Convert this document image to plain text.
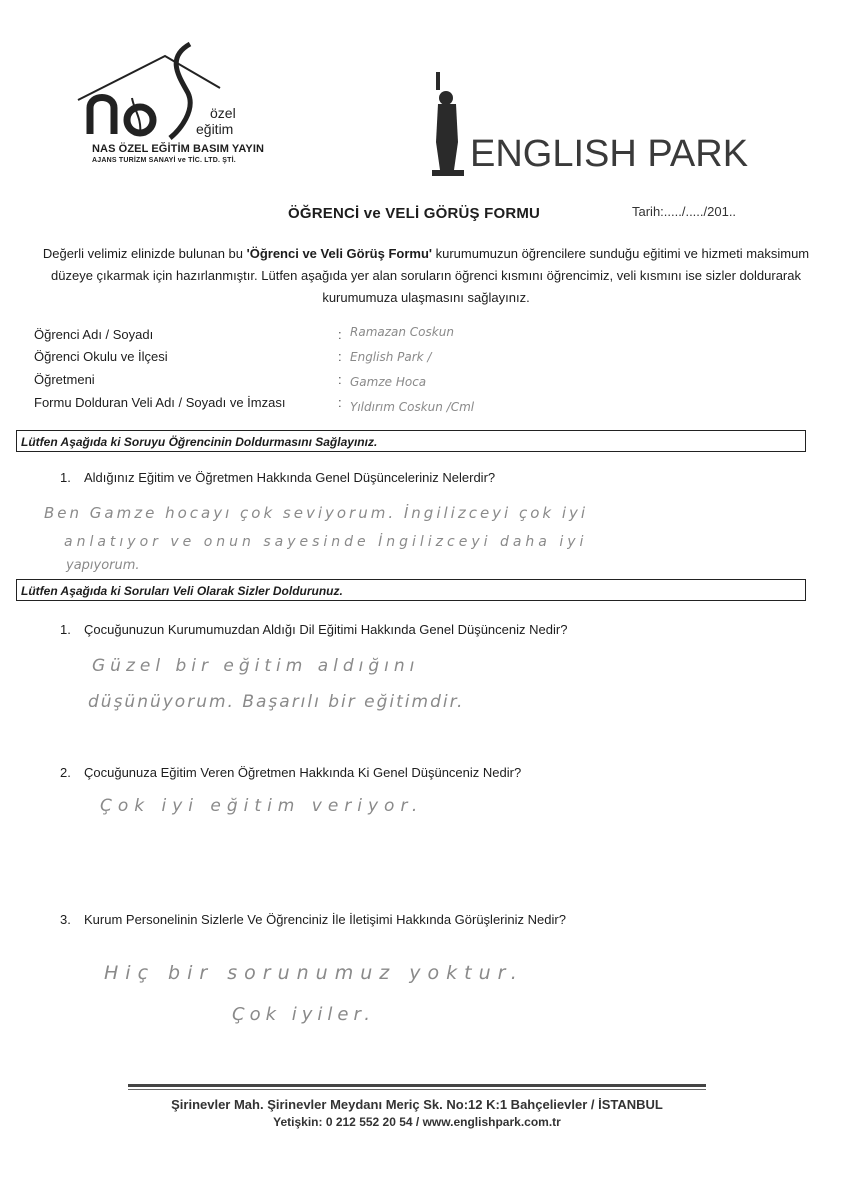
özel
eğitim
NAS ÖZEL EĞİTİM BASIM YAYIN
AJANS TURİZM SANAYİ ve TİC. LTD. ŞTİ.	ENGLISH PARK
ÖĞRENCİ ve VELİ GÖRÜŞ FORMU	Tarih:...../...../201..
Değerli velimiz elinizde bulunan bu 'Öğrenci ve Veli Görüş Formu' kurumumuzun öğrencilere sunduğu eğitimi ve hizmeti maksimum düzeye çıkarmak için hazırlanmıştır. Lütfen aşağıda yer alan soruların öğrenci kısmını öğrencimiz, veli kısmını ise sizler doldurarak kurumumuza ulaşmasını sağlayınız.
Öğrenci Adı / Soyadı	: Ramazan Coskun
Öğrenci Okulu ve İlçesi	: English Park /
Öğretmeni	: Gamze Hoca
Formu Dolduran Veli Adı / Soyadı ve İmzası	: Yıldırım Coskun /Cml
Lütfen Aşağıda ki Soruyu Öğrencinin Doldurmasını Sağlayınız.
1. Aldığınız Eğitim ve Öğretmen Hakkında Genel Düşünceleriniz Nelerdir?
Ben Gamze hocayı çok seviyorum. İngilizceyi çok iyi
anlatıyor ve onun sayesinde İngilizceyi daha iyi
yapıyorum.
Lütfen Aşağıda ki Soruları Veli Olarak Sizler Doldurunuz.
1. Çocuğunuzun Kurumumuzdan Aldığı Dil Eğitimi Hakkında Genel Düşünceniz Nedir?
Güzel bir eğitim aldığını
düşünüyorum. Başarılı bir eğitimdir.
2. Çocuğunuza Eğitim Veren Öğretmen Hakkında Ki Genel Düşünceniz Nedir?
Çok iyi eğitim veriyor.
3. Kurum Personelinin Sizlerle Ve Öğrenciniz İle İletişimi Hakkında Görüşleriniz Nedir?
Hiç bir sorunumuz yoktur.
Çok iyiler.
Şirinevler Mah. Şirinevler Meydanı Meriç Sk. No:12 K:1 Bahçelievler / İSTANBUL
Yetişkin: 0 212 552 20 54 / www.englishpark.com.tr
